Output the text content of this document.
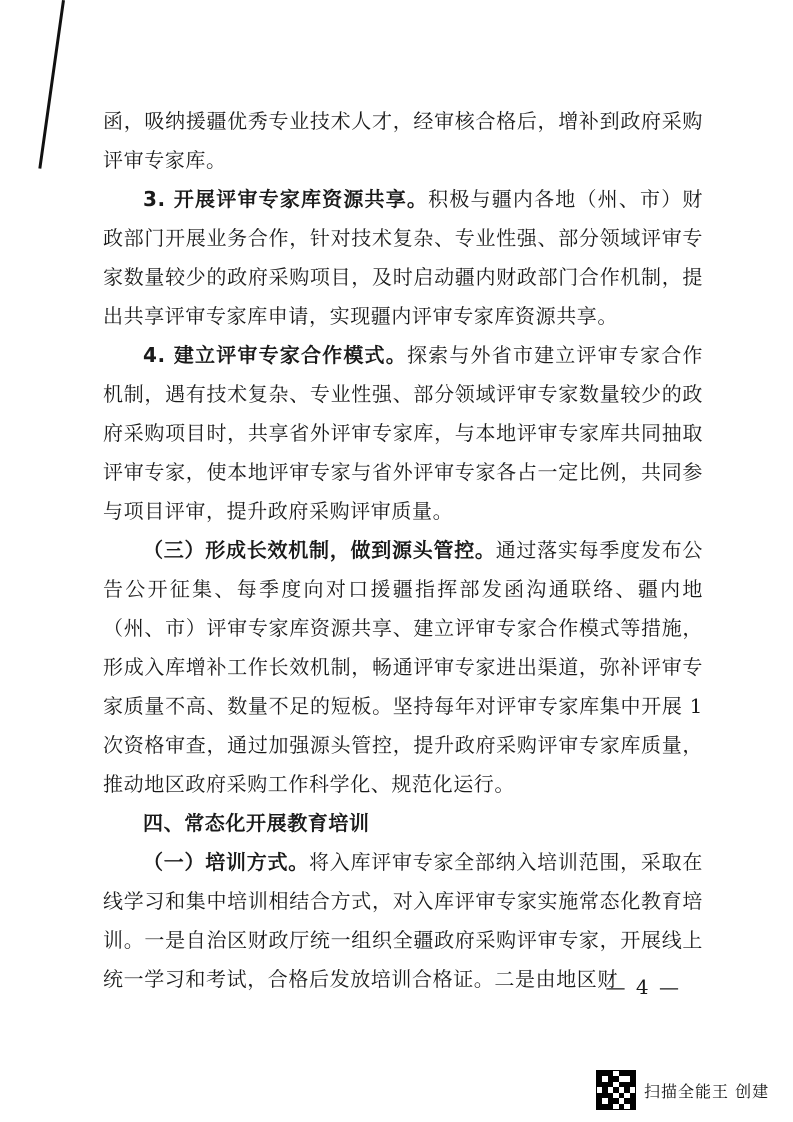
函，吸纳援疆优秀专业技术人才，经审核合格后，增补到政府采购评审专家库。

3. 开展评审专家库资源共享。积极与疆内各地（州、市）财政部门开展业务合作，针对技术复杂、专业性强、部分领域评审专家数量较少的政府采购项目，及时启动疆内财政部门合作机制，提出共享评审专家库申请，实现疆内评审专家库资源共享。

4. 建立评审专家合作模式。探索与外省市建立评审专家合作机制，遇有技术复杂、专业性强、部分领域评审专家数量较少的政府采购项目时，共享省外评审专家库，与本地评审专家库共同抽取评审专家，使本地评审专家与省外评审专家各占一定比例，共同参与项目评审，提升政府采购评审质量。

（三）形成长效机制，做到源头管控。通过落实每季度发布公告公开征集、每季度向对口援疆指挥部发函沟通联络、疆内地（州、市）评审专家库资源共享、建立评审专家合作模式等措施，形成入库增补工作长效机制，畅通评审专家进出渠道，弥补评审专家质量不高、数量不足的短板。坚持每年对评审专家库集中开展 1 次资格审查，通过加强源头管控，提升政府采购评审专家库质量，推动地区政府采购工作科学化、规范化运行。

四、常态化开展教育培训

（一）培训方式。将入库评审专家全部纳入培训范围，采取在线学习和集中培训相结合方式，对入库评审专家实施常态化教育培训。一是自治区财政厅统一组织全疆政府采购评审专家，开展线上统一学习和考试，合格后发放培训合格证。二是由地区财

— 4 —
扫描全能王 创建
